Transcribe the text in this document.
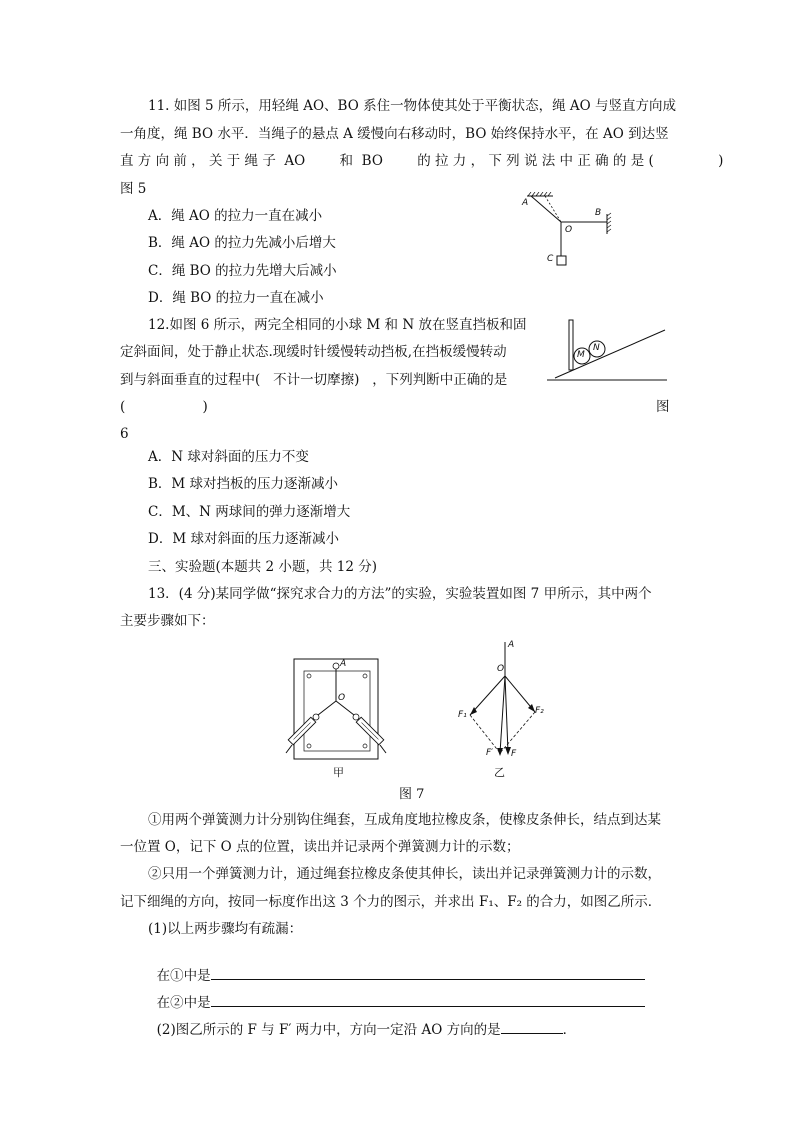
11. 如图 5 所示，用轻绳 AO、BO 系住一物体使其处于平衡状态，绳 AO 与竖直方向成
一角度，绳 BO 水平．当绳子的悬点 A 缓慢向右移动时，BO 始终保持水平，在 AO 到达竖
直 方 向 前 ， 关 于 绳 子  AO        和  BO        的 拉 力 ， 下 列 说 法 中 正 确 的 是 (               )
图 5
A．绳 AO 的拉力一直在减小
B．绳 AO 的拉力先减小后增大
C．绳 BO 的拉力先增大后减小
D．绳 BO 的拉力一直在减小
A
B
O
C
12.如图 6 所示，两完全相同的小球 M 和 N 放在竖直挡板和固
定斜面间，处于静止状态.现缓时针缓慢转动挡板,在挡板缓慢转动
到与斜面垂直的过程中(   不计一切摩擦)   ，下列判断中正确的是
(                  )	图
6
A．N 球对斜面的压力不变
B．M 球对挡板的压力逐渐减小
C．M、N 两球间的弹力逐渐增大
D．M 球对斜面的压力逐渐减小
M
N
三、实验题(本题共 2 小题，共 12 分)
13．(4 分)某同学做“探究求合力的方法”的实验，实验装置如图 7 甲所示，其中两个
主要步骤如下：
A
O
甲
A
O
F₁	F₂
F′ F
乙
图 7
①用两个弹簧测力计分别钩住绳套，互成角度地拉橡皮条，使橡皮条伸长，结点到达某
一位置 O，记下 O 点的位置，读出并记录两个弹簧测力计的示数；
②只用一个弹簧测力计，通过绳套拉橡皮条使其伸长，读出并记录弹簧测力计的示数，
记下细绳的方向，按同一标度作出这 3 个力的图示，并求出 F₁、F₂ 的合力，如图乙所示．
(1)以上两步骤均有疏漏：

在①中是

在②中是

(2)图乙所示的 F 与 F′ 两力中，方向一定沿 AO 方向的是	．
